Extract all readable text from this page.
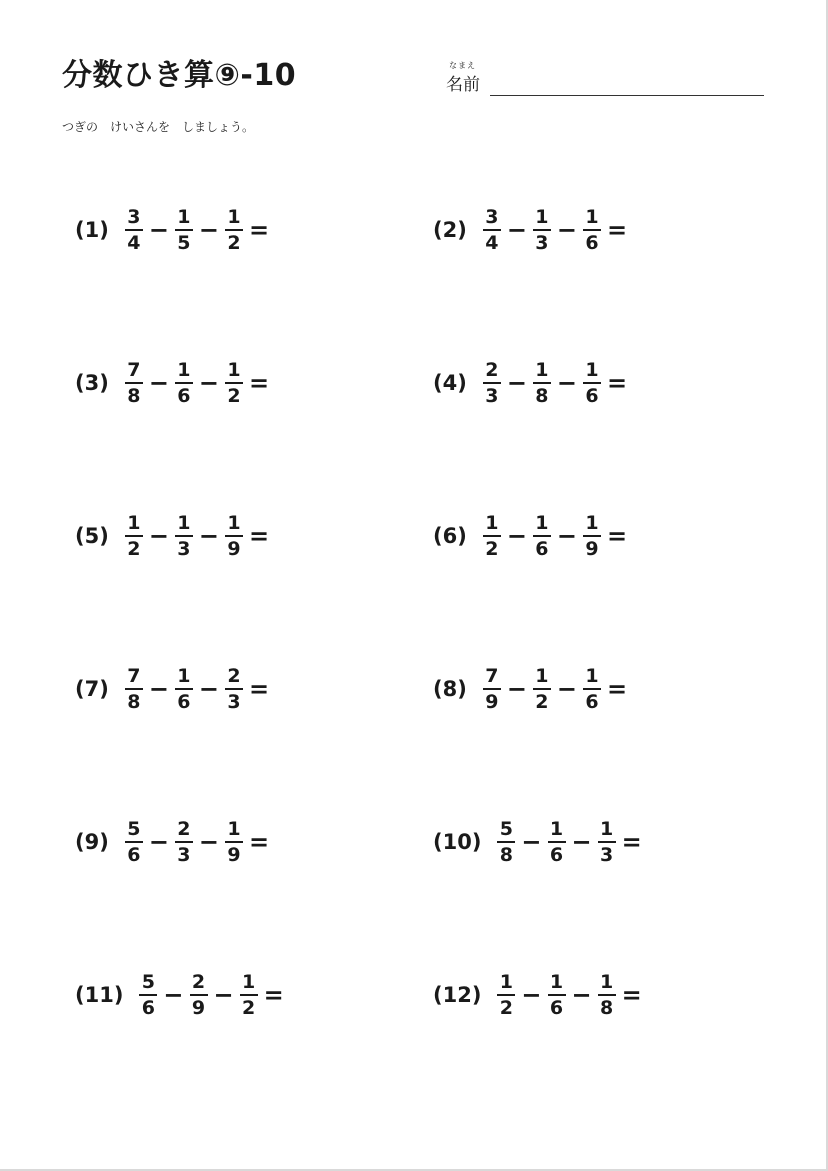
分数ひき算⑨-10	なまえ
名前
つぎの　けいさんを　しましょう。
$(1) \frac{3}{4} - \frac{1}{5} - \frac{1}{2}$ =	$(2) \frac{3}{4} - \frac{1}{3} - \frac{1}{6}$ =
$(3) \frac{7}{8} - \frac{1}{6} - \frac{1}{2}$ =	$(4) \frac{2}{3} - \frac{1}{8} - \frac{1}{6}$ =
$(5) \frac{1}{2} - \frac{1}{3} - \frac{1}{9}$ =	$(6) \frac{1}{2} - \frac{1}{6} - \frac{1}{9}$ =
$(7) \frac{7}{8} - \frac{1}{6} - \frac{2}{3}$ =	$(8) \frac{7}{9} - \frac{1}{2} - \frac{1}{6}$ =
$(9) \frac{5}{6} - \frac{2}{3} - \frac{1}{9}$ =	$(10) \frac{5}{8} - \frac{1}{6} - \frac{1}{3}$ =
$(11) \frac{5}{6} - \frac{2}{9} - \frac{1}{2}$ =	$(12) \frac{1}{2} - \frac{1}{6} - \frac{1}{8}$ =
